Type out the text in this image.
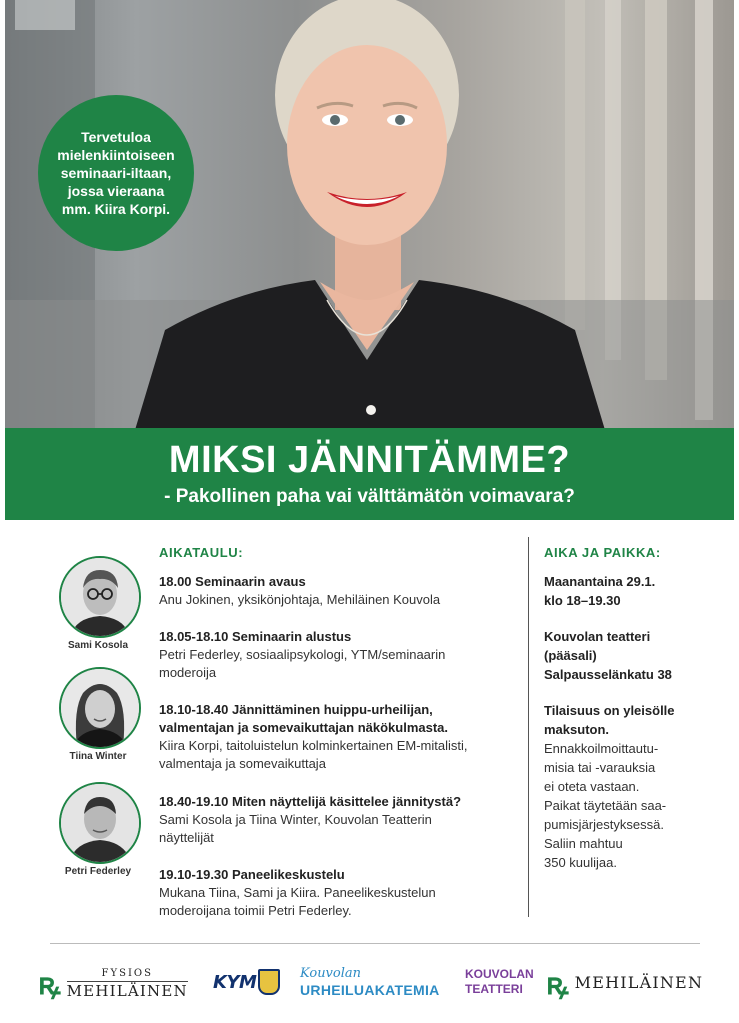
Tervetuloa mielenkiintoiseen seminaari-iltaan, jossa vieraana mm. Kiira Korpi.
MIKSI JÄNNITÄMME?
- Pakollinen paha vai välttämätön voimavara?
AIKATAULU:
Sami Kosola
Tiina Winter
Petri Federley
18.00 Seminaarin avaus
Anu Jokinen, yksikönjohtaja, Mehiläinen Kouvola
18.05-18.10 Seminaarin alustus
Petri Federley, sosiaalipsykologi, YTM/seminaarin moderoija
18.10-18.40 Jännittäminen huippu-urheilijan, valmentajan ja somevaikuttajan näkökulmasta.
Kiira Korpi, taitoluistelun kolminkertainen EM-mitalisti, valmentaja ja somevaikuttaja
18.40-19.10 Miten näyttelijä käsittelee jännitystä?
Sami Kosola ja Tiina Winter, Kouvolan Teatterin näyttelijät
19.10-19.30 Paneelikeskustelu
Mukana Tiina, Sami ja Kiira. Paneelikeskustelun moderoijana toimii Petri Federley.
AIKA JA PAIKKA:
Maanantaina 29.1.
klo 18–19.30
Kouvolan teatteri
(pääsali)
Salpausselänkatu 38
Tilaisuus on yleisölle
maksuton.
Ennakkoilmoittautu-
misia tai -varauksia
ei oteta vastaan.
Paikat täytetään saa-
pumisjärjestyksessä.
Saliin mahtuu
350 kuulijaa.
ꝶ	FYSIOS
MEHILÄINEN KYM	Kouvolan
URHEILUAKATEMIA
KOUVOLAN
TEATTERI ꝶ MEHILÄINEN
